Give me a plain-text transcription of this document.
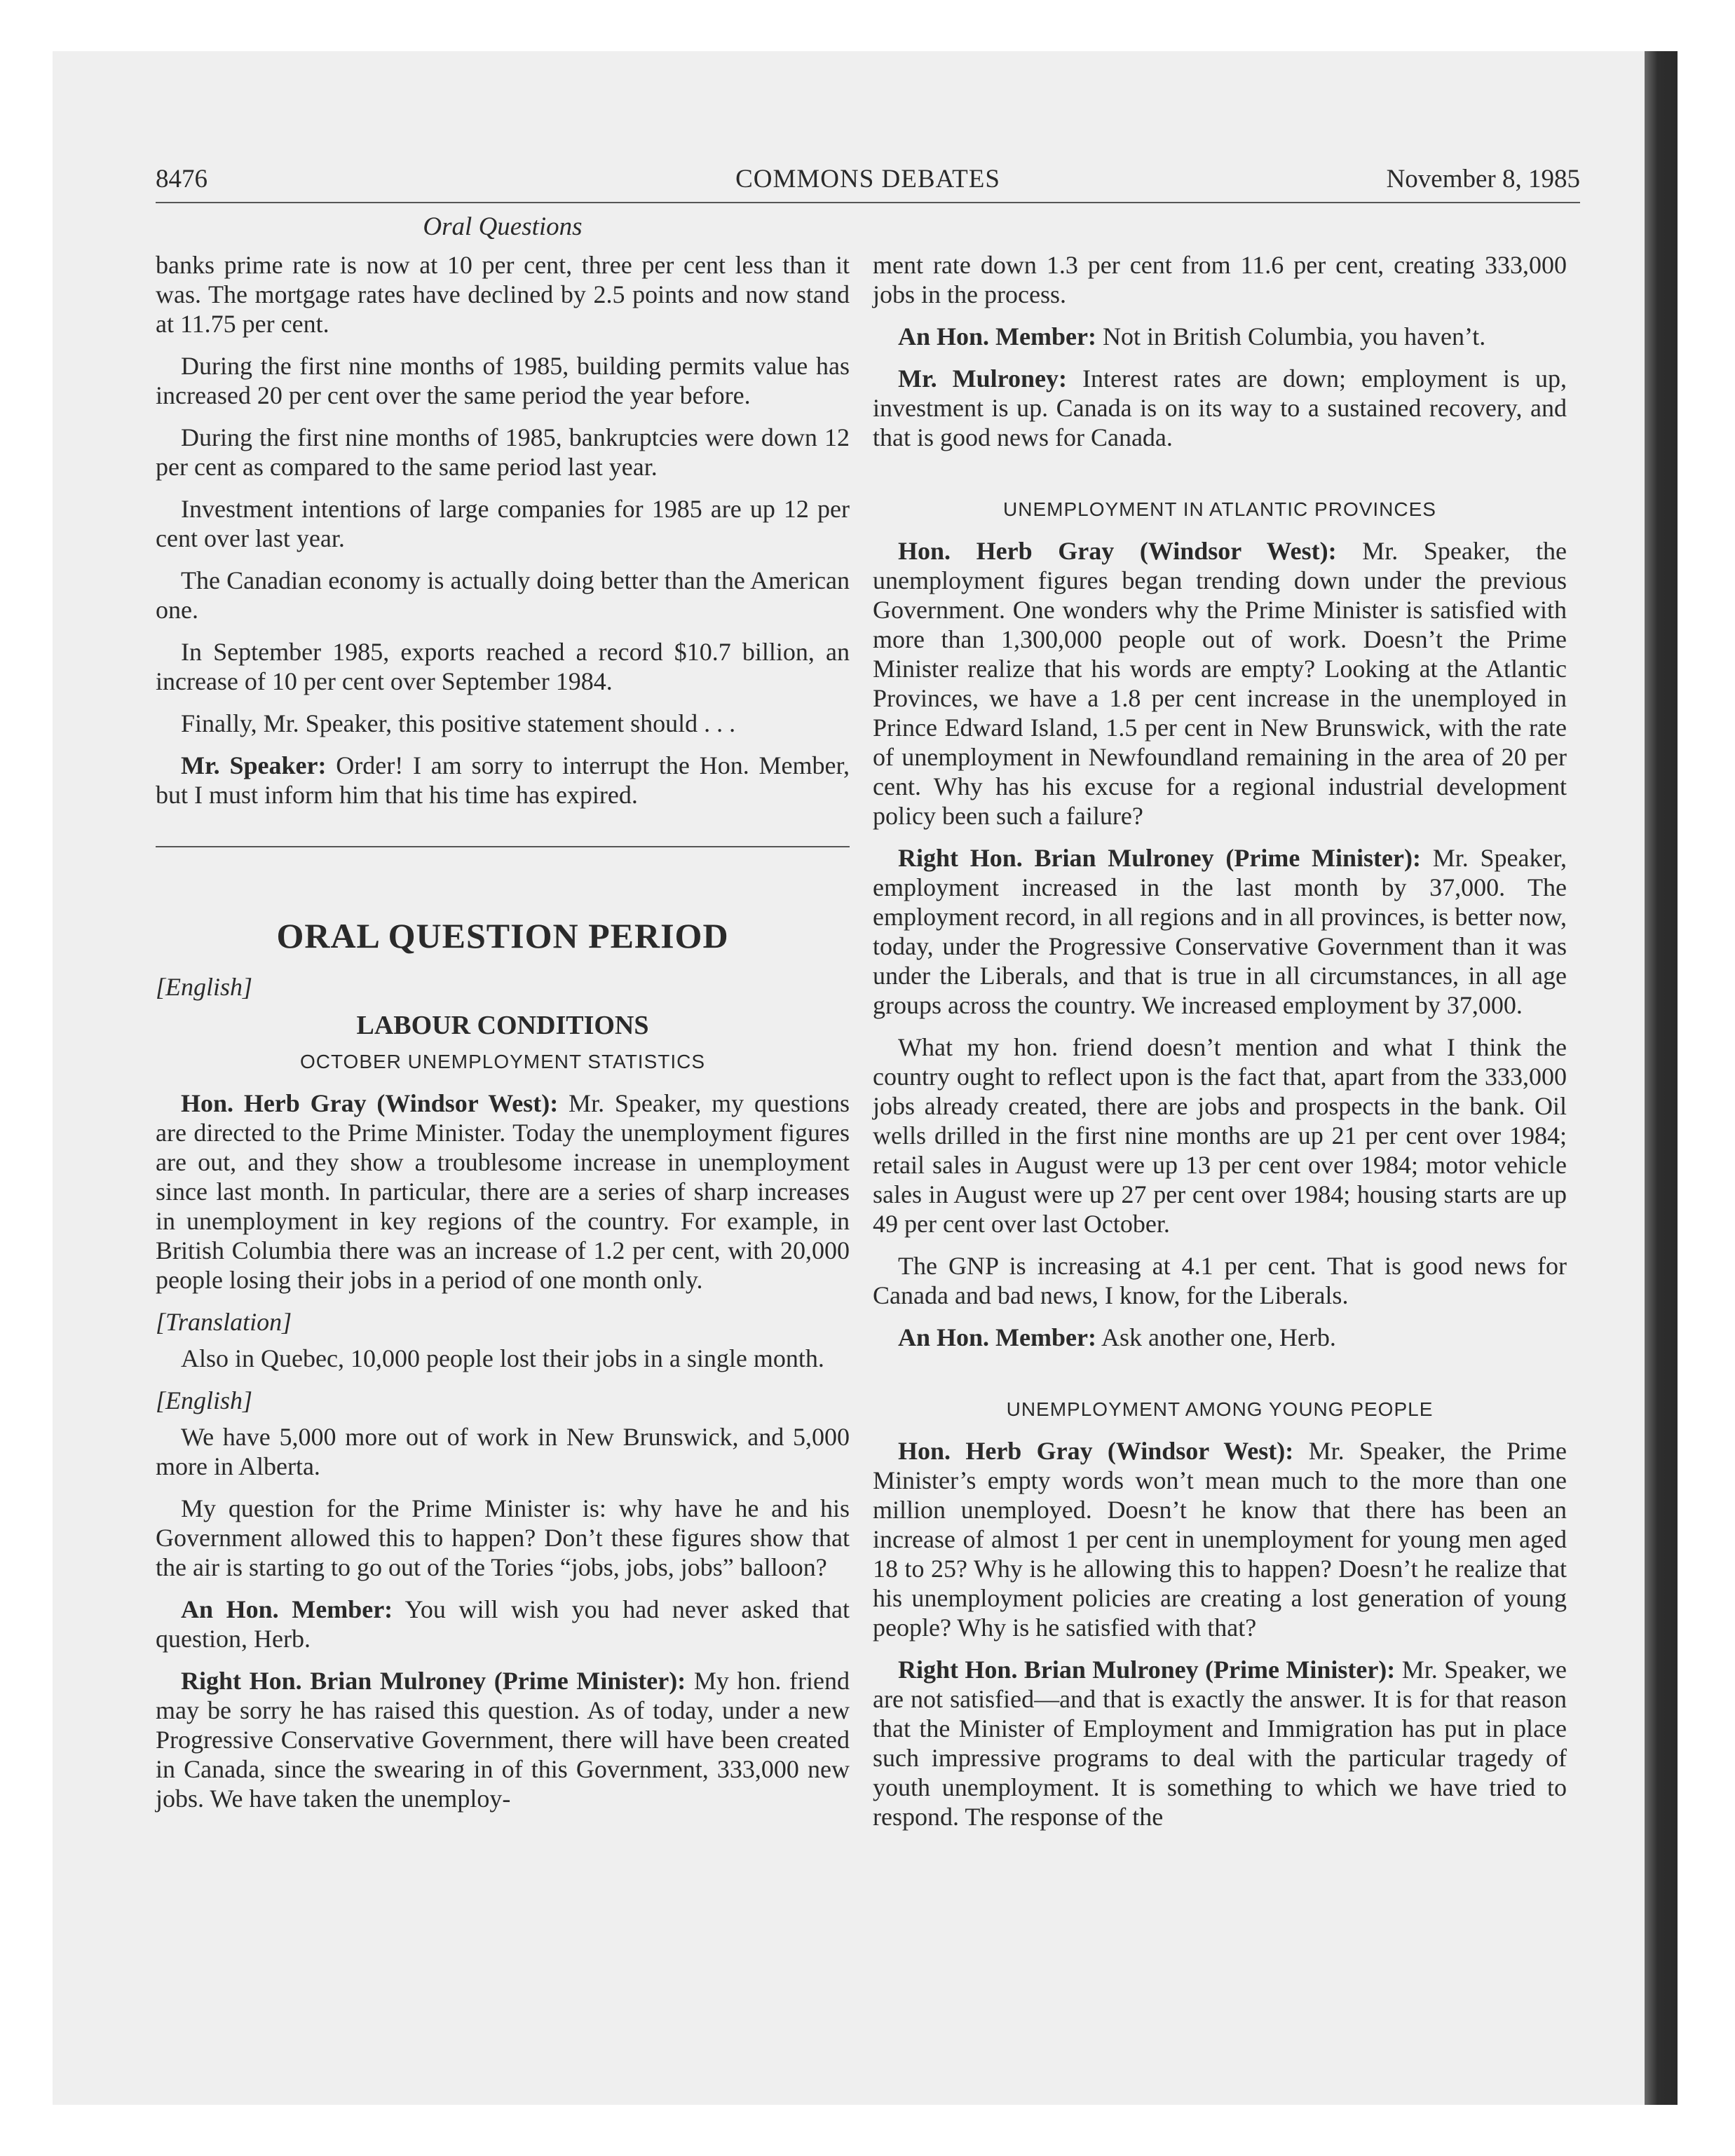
8476	COMMONS DEBATES	November 8, 1985
Oral Questions

banks prime rate is now at 10 per cent, three per cent less than it was. The mortgage rates have declined by 2.5 points and now stand at 11.75 per cent.

During the first nine months of 1985, building permits value has increased 20 per cent over the same period the year before.

During the first nine months of 1985, bankruptcies were down 12 per cent as compared to the same period last year.

Investment intentions of large companies for 1985 are up 12 per cent over last year.

The Canadian economy is actually doing better than the American one.

In September 1985, exports reached a record $10.7 billion, an increase of 10 per cent over September 1984.

Finally, Mr. Speaker, this positive statement should . . .

Mr. Speaker: Order! I am sorry to interrupt the Hon. Member, but I must inform him that his time has expired.

ORAL QUESTION PERIOD
[English]
LABOUR CONDITIONS
OCTOBER UNEMPLOYMENT STATISTICS

Hon. Herb Gray (Windsor West): Mr. Speaker, my questions are directed to the Prime Minister. Today the unemployment figures are out, and they show a troublesome increase in unemployment since last month. In particular, there are a series of sharp increases in unemployment in key regions of the country. For example, in British Columbia there was an increase of 1.2 per cent, with 20,000 people losing their jobs in a period of one month only.

[Translation]

Also in Quebec, 10,000 people lost their jobs in a single month.

[English]

We have 5,000 more out of work in New Brunswick, and 5,000 more in Alberta.

My question for the Prime Minister is: why have he and his Government allowed this to happen? Don’t these figures show that the air is starting to go out of the Tories “jobs, jobs, jobs” balloon?

An Hon. Member: You will wish you had never asked that question, Herb.

Right Hon. Brian Mulroney (Prime Minister): My hon. friend may be sorry he has raised this question. As of today, under a new Progressive Conservative Government, there will have been created in Canada, since the swearing in of this Government, 333,000 new jobs. We have taken the unemploy-

ment rate down 1.3 per cent from 11.6 per cent, creating 333,000 jobs in the process.

An Hon. Member: Not in British Columbia, you haven’t.

Mr. Mulroney: Interest rates are down; employment is up, investment is up. Canada is on its way to a sustained recovery, and that is good news for Canada.

UNEMPLOYMENT IN ATLANTIC PROVINCES

Hon. Herb Gray (Windsor West): Mr. Speaker, the unemployment figures began trending down under the previous Government. One wonders why the Prime Minister is satisfied with more than 1,300,000 people out of work. Doesn’t the Prime Minister realize that his words are empty? Looking at the Atlantic Provinces, we have a 1.8 per cent increase in the unemployed in Prince Edward Island, 1.5 per cent in New Brunswick, with the rate of unemployment in Newfoundland remaining in the area of 20 per cent. Why has his excuse for a regional industrial development policy been such a failure?

Right Hon. Brian Mulroney (Prime Minister): Mr. Speaker, employment increased in the last month by 37,000. The employment record, in all regions and in all provinces, is better now, today, under the Progressive Conservative Government than it was under the Liberals, and that is true in all circumstances, in all age groups across the country. We increased employment by 37,000.

What my hon. friend doesn’t mention and what I think the country ought to reflect upon is the fact that, apart from the 333,000 jobs already created, there are jobs and prospects in the bank. Oil wells drilled in the first nine months are up 21 per cent over 1984; retail sales in August were up 13 per cent over 1984; motor vehicle sales in August were up 27 per cent over 1984; housing starts are up 49 per cent over last October.

The GNP is increasing at 4.1 per cent. That is good news for Canada and bad news, I know, for the Liberals.

An Hon. Member: Ask another one, Herb.

UNEMPLOYMENT AMONG YOUNG PEOPLE

Hon. Herb Gray (Windsor West): Mr. Speaker, the Prime Minister’s empty words won’t mean much to the more than one million unemployed. Doesn’t he know that there has been an increase of almost 1 per cent in unemployment for young men aged 18 to 25? Why is he allowing this to happen? Doesn’t he realize that his unemployment policies are creating a lost generation of young people? Why is he satisfied with that?

Right Hon. Brian Mulroney (Prime Minister): Mr. Speaker, we are not satisfied—and that is exactly the answer. It is for that reason that the Minister of Employment and Immigration has put in place such impressive programs to deal with the particular tragedy of youth unemployment. It is something to which we have tried to respond. The response of the
